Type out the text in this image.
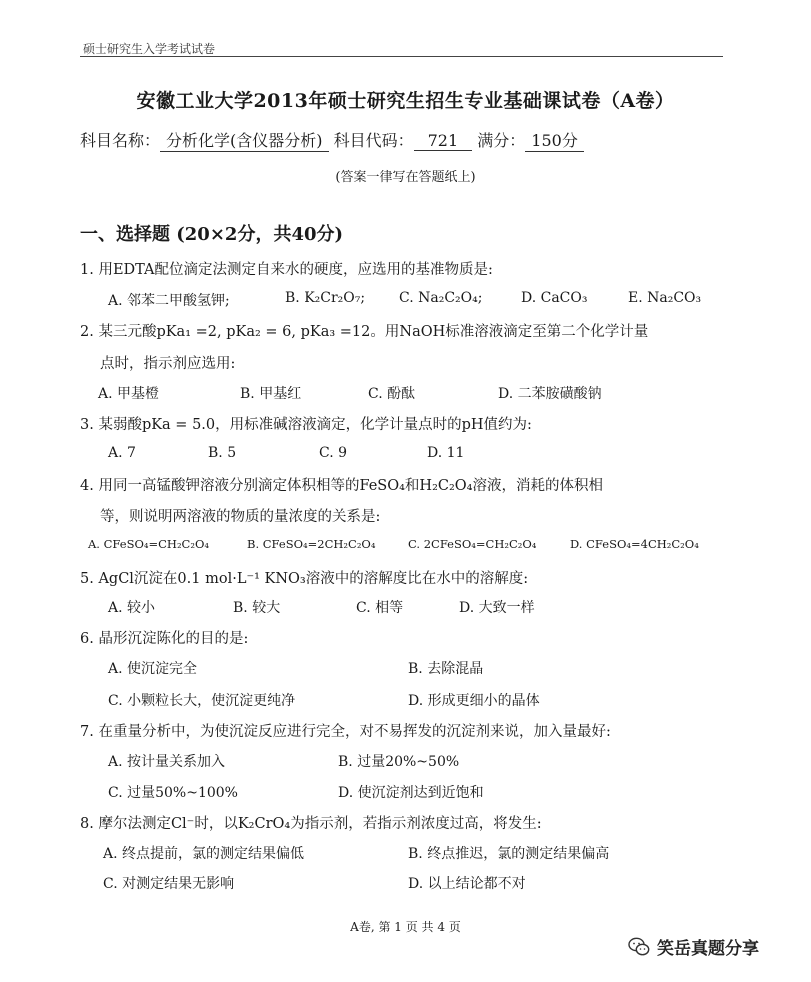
硕士研究生入学考试试卷
安徽工业大学2013年硕士研究生招生专业基础课试卷（A卷）
科目名称： 分析化学(含仪器分析) 科目代码： 721 满分： 150分
(答案一律写在答题纸上)
一、选择题 (20×2分，共40分)
1. 用EDTA配位滴定法测定自来水的硬度，应选用的基准物质是:
A. 邻苯二甲酸氢钾;	B. K₂Cr₂O₇; C. Na₂C₂O₄;	D. CaCO₃	E. Na₂CO₃
2. 某三元酸pKa₁ =2, pKa₂ = 6, pKa₃ =12。用NaOH标准溶液滴定至第二个化学计量
点时，指示剂应选用:
A. 甲基橙	B. 甲基红	C. 酚酞	D. 二苯胺磺酸钠
3. 某弱酸pKa = 5.0，用标准碱溶液滴定，化学计量点时的pH值约为:
A. 7	B. 5	C. 9	D. 11
4. 用同一高锰酸钾溶液分别滴定体积相等的FeSO₄和H₂C₂O₄溶液，消耗的体积相
等，则说明两溶液的物质的量浓度的关系是:
A. CFeSO₄=CH₂C₂O₄	B. CFeSO₄=2CH₂C₂O₄	C. 2CFeSO₄=CH₂C₂O₄	D. CFeSO₄=4CH₂C₂O₄
5. AgCl沉淀在0.1 mol·L⁻¹ KNO₃溶液中的溶解度比在水中的溶解度:
A. 较小	B. 较大	C. 相等	D. 大致一样
6. 晶形沉淀陈化的目的是:
A. 使沉淀完全	B. 去除混晶
C. 小颗粒长大，使沉淀更纯净	D. 形成更细小的晶体
7. 在重量分析中，为使沉淀反应进行完全，对不易挥发的沉淀剂来说，加入量最好:
A. 按计量关系加入	B. 过量20%~50%
C. 过量50%~100%	D. 使沉淀剂达到近饱和
8. 摩尔法测定Cl⁻时，以K₂CrO₄为指示剂，若指示剂浓度过高，将发生:
A. 终点提前，氯的测定结果偏低	B. 终点推迟，氯的测定结果偏高
C. 对测定结果无影响	D. 以上结论都不对
A卷, 第 1 页 共 4 页
笑岳真题分享
